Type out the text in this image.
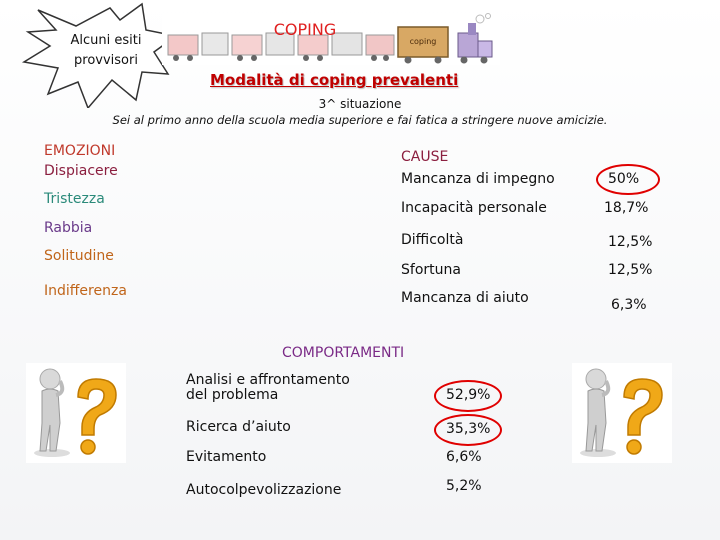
Alcuni esiti
provvisori
coping
COPING
Modalità di coping prevalenti
3^ situazione
Sei al primo anno della scuola media superiore e fai fatica a stringere nuove amicizie.
EMOZIONI
Dispiacere
Tristezza
Rabbia
Solitudine
Indifferenza
CAUSE
Mancanza di impegno
Incapacità personale
Difficoltà
Sfortuna
Mancanza di aiuto
50%
18,7%
12,5%
12,5%
6,3%
COMPORTAMENTI
Analisi e affrontamento
del problema
Ricerca d’aiuto
Evitamento
Autocolpevolizzazione
52,9%
35,3%
6,6%
5,2%
